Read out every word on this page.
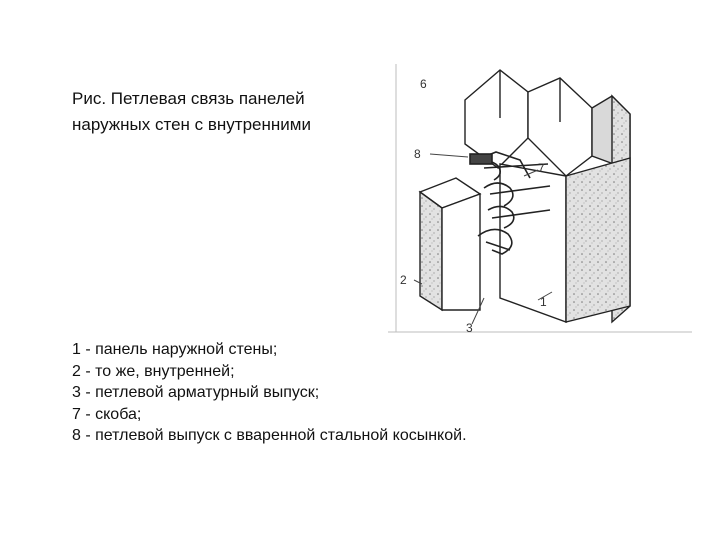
Рис. Петлевая связь панелей
наружных стен с внутренними
6
8
7
2
3
1
1 - панель наружной стены;
2 - то же, внутренней;
3 - петлевой арматурный выпуск;
7 - скоба;
8 - петлевой выпуск с вваренной стальной косынкой.
